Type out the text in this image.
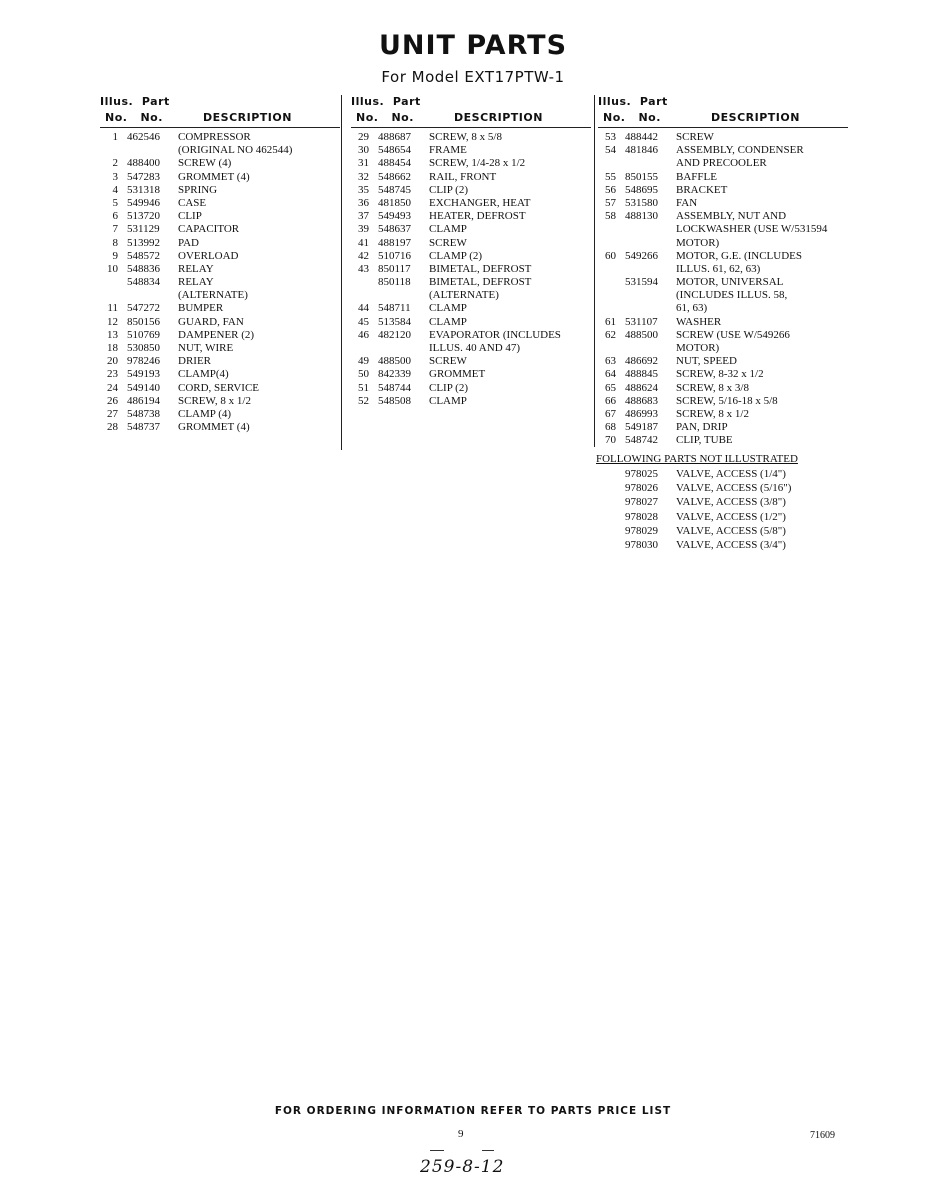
UNIT PARTS
For Model EXT17PTW-1
Illus. Part
No. No.	DESCRIPTION
1 462546 COMPRESSOR
(ORIGINAL NO 462544)
2 488400 SCREW (4)
3 547283 GROMMET (4)
4 531318 SPRING
5 549946 CASE
6 513720 CLIP
7 531129 CAPACITOR
8 513992 PAD
9 548572 OVERLOAD
10 548836 RELAY
548834 RELAY
(ALTERNATE)
11 547272 BUMPER
12 850156 GUARD, FAN
13 510769 DAMPENER (2)
18 530850 NUT, WIRE
20 978246 DRIER
23 549193 CLAMP(4)
24 549140 CORD, SERVICE
26 486194 SCREW, 8 x 1/2
27 548738 CLAMP (4)
28 548737 GROMMET (4)
Illus. Part
No. No.	DESCRIPTION
29 488687 SCREW, 8 x 5/8
30 548654 FRAME
31 488454 SCREW, 1/4-28 x 1/2
32 548662 RAIL, FRONT
35 548745 CLIP (2)
36 481850 EXCHANGER, HEAT
37 549493 HEATER, DEFROST
39 548637 CLAMP
41 488197 SCREW
42 510716 CLAMP (2)
43 850117 BIMETAL, DEFROST
850118 BIMETAL, DEFROST
(ALTERNATE)
44 548711 CLAMP
45 513584 CLAMP
46 482120 EVAPORATOR (INCLUDES
ILLUS. 40 AND 47)
49 488500 SCREW
50 842339 GROMMET
51 548744 CLIP (2)
52 548508 CLAMP
Illus. Part
No. No.	DESCRIPTION
53 488442 SCREW
54 481846 ASSEMBLY, CONDENSER
AND PRECOOLER
55 850155 BAFFLE
56 548695 BRACKET
57 531580 FAN
58 488130 ASSEMBLY, NUT AND
LOCKWASHER (USE W/531594
MOTOR)
60 549266 MOTOR, G.E. (INCLUDES
ILLUS. 61, 62, 63)
531594 MOTOR, UNIVERSAL
(INCLUDES ILLUS. 58,
61, 63)
61 531107 WASHER
62 488500 SCREW (USE W/549266
MOTOR)
63 486692 NUT, SPEED
64 488845 SCREW, 8-32 x 1/2
65 488624 SCREW, 8 x 3/8
66 488683 SCREW, 5/16-18 x 5/8
67 486993 SCREW, 8 x 1/2
68 549187 PAN, DRIP
70 548742 CLIP, TUBE
FOLLOWING PARTS NOT ILLUSTRATED
978025 VALVE, ACCESS (1/4")
978026 VALVE, ACCESS (5/16")
978027 VALVE, ACCESS (3/8")
978028 VALVE, ACCESS (1/2")
978029 VALVE, ACCESS (5/8")
978030 VALVE, ACCESS (3/4")
FOR ORDERING INFORMATION REFER TO PARTS PRICE LIST
9	71609
259-8-12
